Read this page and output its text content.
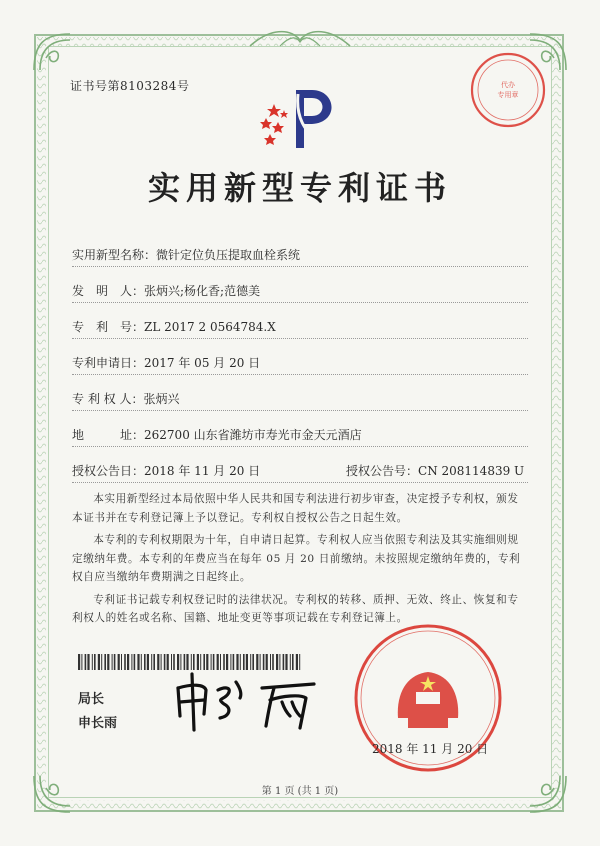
证书号第8103284号	代办
专用章
实用新型专利证书
实用新型名称：微针定位负压提取血栓系统
发　明　人：张炳兴;杨化香;范德美
专　利　号：ZL 2017 2 0564784.X
专利申请日：2017 年 05 月 20 日
专 利 权 人：张炳兴
地　　　址：262700 山东省潍坊市寿光市金天元酒店
授权公告日：2018 年 11 月 20 日	授权公告号：CN 208114839 U

本实用新型经过本局依照中华人民共和国专利法进行初步审查，决定授予专利权，颁发本证书并在专利登记簿上予以登记。专利权自授权公告之日起生效。

本专利的专利权期限为十年，自申请日起算。专利权人应当依照专利法及其实施细则规定缴纳年费。本专利的年费应当在每年 05 月 20 日前缴纳。未按照规定缴纳年费的，专利权自应当缴纳年费期满之日起终止。

专利证书记载专利权登记时的法律状况。专利权的转移、质押、无效、终止、恢复和专利权人的姓名或名称、国籍、地址变更等事项记载在专利登记簿上。

局长
申长雨
2018 年 11 月 20 日
第 1 页 (共 1 页)
